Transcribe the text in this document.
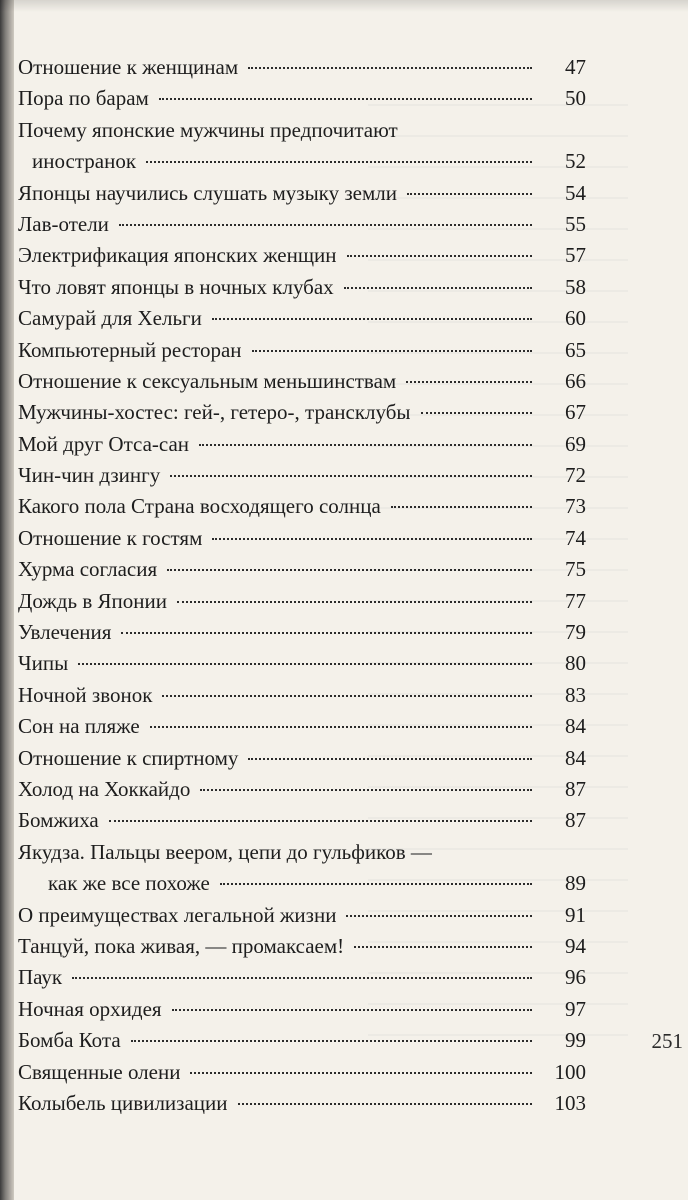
Отношение к женщинам	47
Пора по барам	50
Почему японские мужчины предпочитают
иностранок	52
Японцы научились слушать музыку земли	54
Лав-отели	55
Электрификация японских женщин	57
Что ловят японцы в ночных клубах	58
Самурай для Хельги	60
Компьютерный ресторан	65
Отношение к сексуальным меньшинствам	66
Мужчины-хостес: гей-, гетеро-, трансклубы	67
Мой друг Отса-сан	69
Чин-чин дзингу	72
Какого пола Страна восходящего солнца	73
Отношение к гостям	74
Хурма согласия	75
Дождь в Японии	77
Увлечения	79
Чипы	80
Ночной звонок	83
Сон на пляже	84
Отношение к спиртному	84
Холод на Хоккайдо	87
Бомжиха	87
Якудза. Пальцы веером, цепи до гульфиков —
как же все похоже	89
О преимуществах легальной жизни	91
Танцуй, пока живая, — промаксаем!	94
Паук	96
Ночная орхидея	97
Бомба Кота	99
Священные олени	100
Колыбель цивилизации	103
251
